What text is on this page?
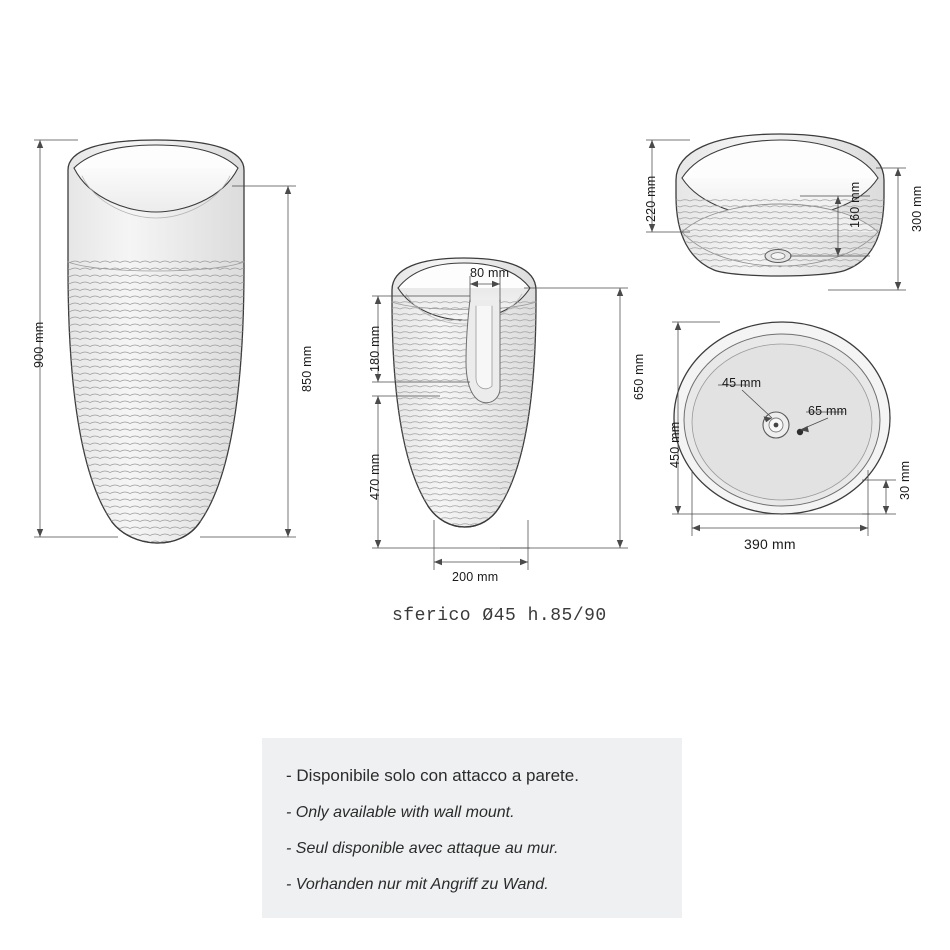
900 mm
850 mm
80 mm
180 mm
470 mm
650 mm
200 mm
220 mm	160 mm	300 mm
45 mm
65 mm
450 mm
30 mm
390 mm
sferico Ø45 h.85/90
- Disponibile solo con attacco a parete.
- Only available with wall mount.
- Seul disponible avec attaque au mur.
- Vorhanden nur mit Angriff zu Wand.
